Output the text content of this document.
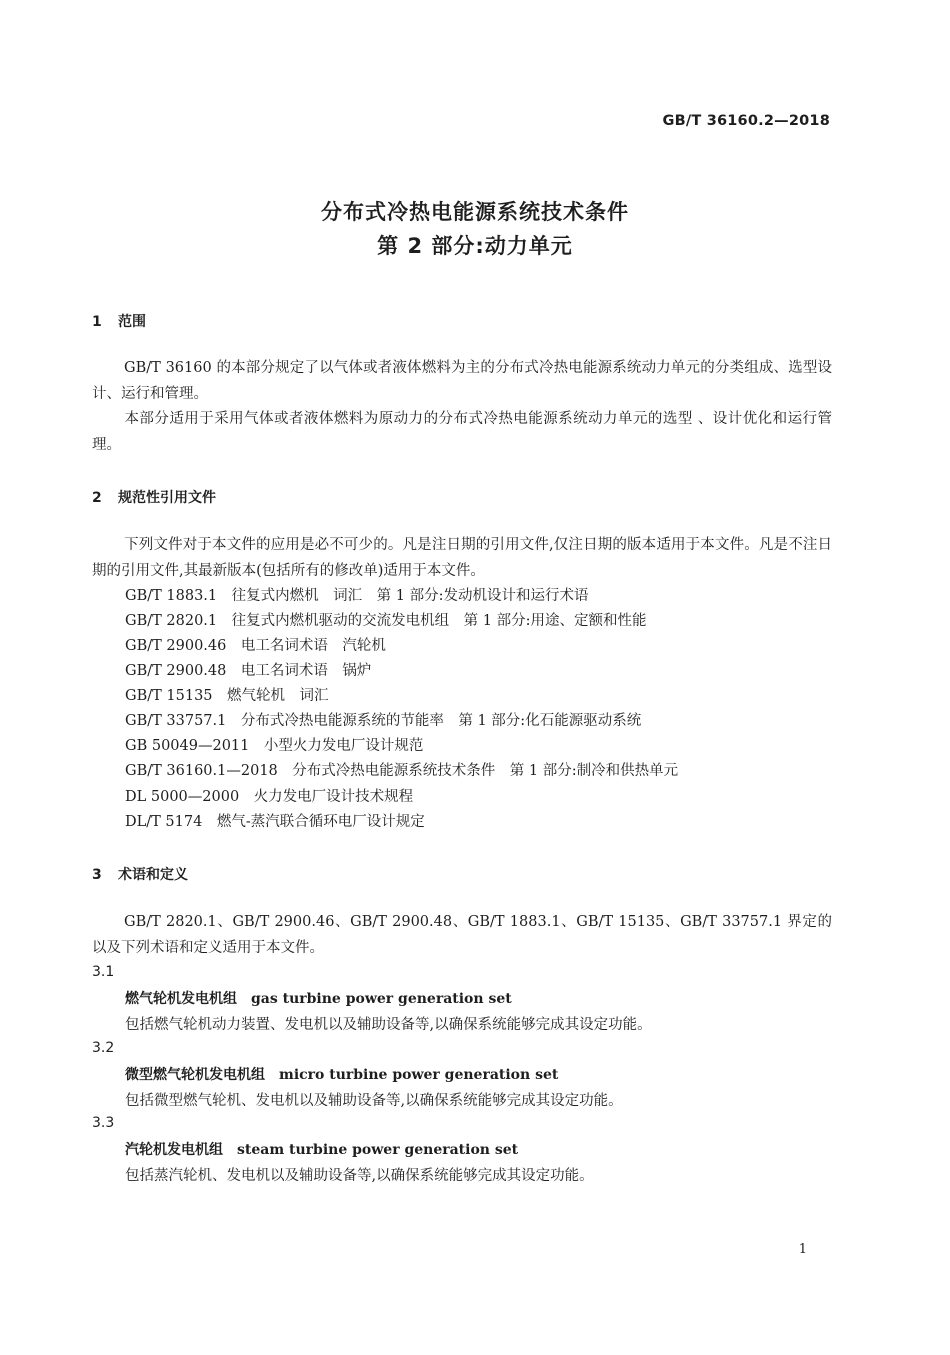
GB/T 36160.2—2018
分布式冷热电能源系统技术条件
第 2 部分:动力单元
1 范围
GB/T 36160 的本部分规定了以气体或者液体燃料为主的分布式冷热电能源系统动力单元的分类组成、选型设计、运行和管理。
本部分适用于采用气体或者液体燃料为原动力的分布式冷热电能源系统动力单元的选型 、设计优化和运行管理。
2 规范性引用文件
下列文件对于本文件的应用是必不可少的。凡是注日期的引用文件,仅注日期的版本适用于本文件。凡是不注日期的引用文件,其最新版本(包括所有的修改单)适用于本文件。
GB/T 1883.1　往复式内燃机　词汇　第 1 部分:发动机设计和运行术语
GB/T 2820.1　往复式内燃机驱动的交流发电机组　第 1 部分:用途、定额和性能
GB/T 2900.46　电工名词术语　汽轮机
GB/T 2900.48　电工名词术语　锅炉
GB/T 15135　燃气轮机　词汇
GB/T 33757.1　分布式冷热电能源系统的节能率　第 1 部分:化石能源驱动系统
GB 50049—2011　小型火力发电厂设计规范
GB/T 36160.1—2018　分布式冷热电能源系统技术条件　第 1 部分:制冷和供热单元
DL 5000—2000　火力发电厂设计技术规程
DL/T 5174　燃气-蒸汽联合循环电厂设计规定
3 术语和定义
GB/T 2820.1、GB/T 2900.46、GB/T 2900.48、GB/T 1883.1、GB/T 15135、GB/T 33757.1 界定的以及下列术语和定义适用于本文件。
3.1
燃气轮机发电机组　gas turbine power generation set
包括燃气轮机动力装置、发电机以及辅助设备等,以确保系统能够完成其设定功能。
3.2
微型燃气轮机发电机组　micro turbine power generation set
包括微型燃气轮机、发电机以及辅助设备等,以确保系统能够完成其设定功能。
3.3
汽轮机发电机组　steam turbine power generation set
包括蒸汽轮机、发电机以及辅助设备等,以确保系统能够完成其设定功能。
1
